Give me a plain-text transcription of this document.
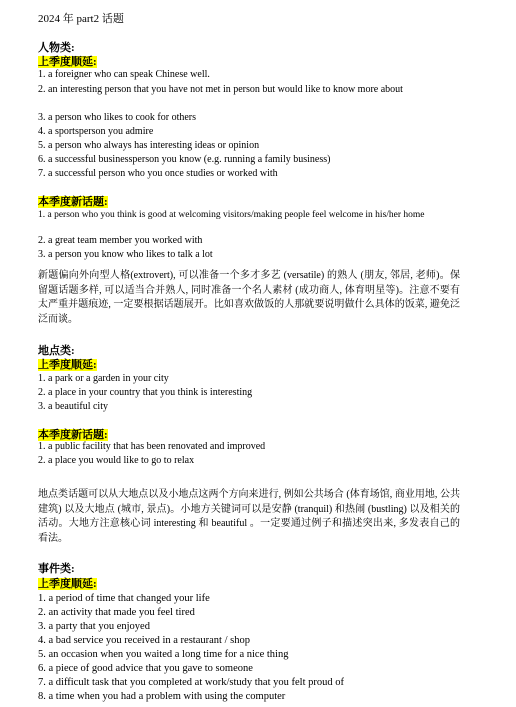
2024 年 part2 话题
人物类:
上季度顺延:
1. a foreigner who can speak Chinese well.
2. an interesting person that you have not met in person but would like to know more about
3. a person who likes to cook for others
4. a sportsperson you admire
5. a person who always has interesting ideas or opinion
6. a successful businessperson you know (e.g. running a family business)
7. a successful person who you once studies or worked with
本季度新话题:
1. a person who you think is good at welcoming visitors/making people feel welcome in his/her home
2. a great team member you worked with
3. a person you know who likes to talk a lot
新题偏向外向型人格(extrovert), 可以准备一个多才多艺 (versatile) 的熟人 (朋友, 邻居, 老师)。保留题话题多样, 可以适当合并熟人, 同时准备一个名人素材 (成功商人, 体育明星等)。注意不要有太严重并题痕迹, 一定要根据话题展开。比如喜欢做饭的人那就要说明做什么具体的饭菜, 避免泛泛而谈。
地点类:
上季度顺延:
1. a park or a garden in your city
2. a place in your country that you think is interesting
3. a beautiful city
本季度新话题:
1. a public facility that has been renovated and improved
2. a place you would like to go to relax
地点类话题可以从大地点以及小地点这两个方向来进行, 例如公共场合 (体育场馆, 商业用地, 公共建筑) 以及大地点 (城市, 景点)。小地方关键词可以是安静 (tranquil) 和热闹 (bustling) 以及相关的活动。大地方注意核心词 interesting 和 beautiful 。一定要通过例子和描述突出来, 多发表自己的看法。
事件类:
上季度顺延:
1. a period of time that changed your life
2. an activity that made you feel tired
3. a party that you enjoyed
4. a bad service you received in a restaurant / shop
5. an occasion when you waited a long time for a nice thing
6. a piece of good advice that you gave to someone
7. a difficult task that you completed at work/study that you felt proud of
8. a time when you had a problem with using the computer
